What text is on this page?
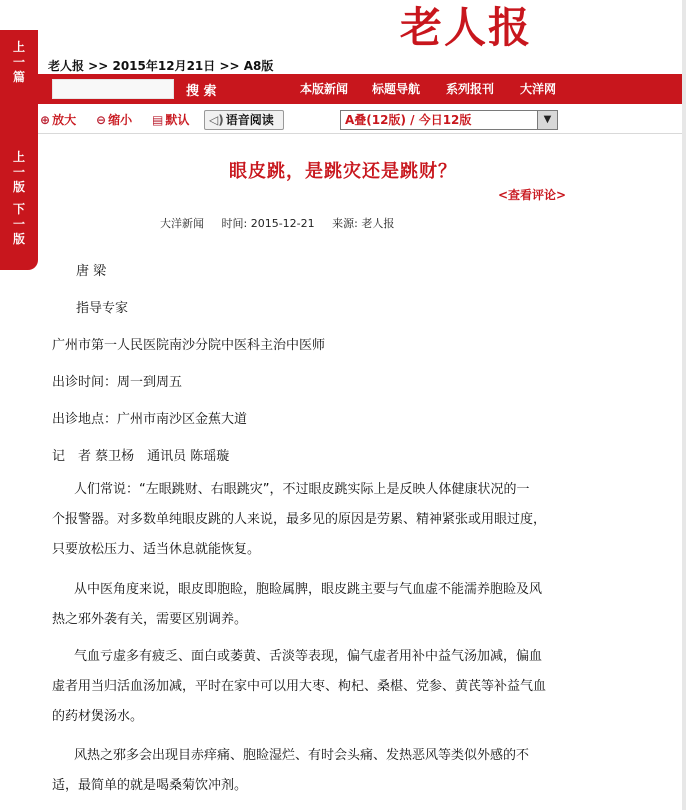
上
一
篇
上
一
版
下
一
版
老人报
老人报 >> 2015年12月21日 >> A8版
搜 索	本版新闻 标题导航 系列报刊 大洋网
⊕ 放大 ⊖ 缩小 ▤ 默认	◁) 语音阅读	A叠(12版) / 今日12版	▼
眼皮跳，是跳灾还是跳财？
<查看评论>
大洋新闻 时间: 2015-12-21 来源: 老人报
唐 梁
指导专家
广州市第一人民医院南沙分院中医科主治中医师
出诊时间：周一到周五
出诊地点：广州市南沙区金蕉大道
记　者 蔡卫杨　通讯员 陈瑶璇
人们常说：“左眼跳财、右眼跳灾”，不过眼皮跳实际上是反映人体健康状况的一
个报警器。对多数单纯眼皮跳的人来说，最多见的原因是劳累、精神紧张或用眼过度，
只要放松压力、适当休息就能恢复。
从中医角度来说，眼皮即胞睑，胞睑属脾，眼皮跳主要与气血虚不能濡养胞睑及风
热之邪外袭有关，需要区别调养。
气血亏虚多有疲乏、面白或萎黄、舌淡等表现，偏气虚者用补中益气汤加减，偏血
虚者用当归活血汤加减，平时在家中可以用大枣、枸杞、桑椹、党参、黄芪等补益气血
的药材煲汤水。
风热之邪多会出现目赤痒痛、胞睑湿烂、有时会头痛、发热恶风等类似外感的不
适，最简单的就是喝桑菊饮冲剂。
